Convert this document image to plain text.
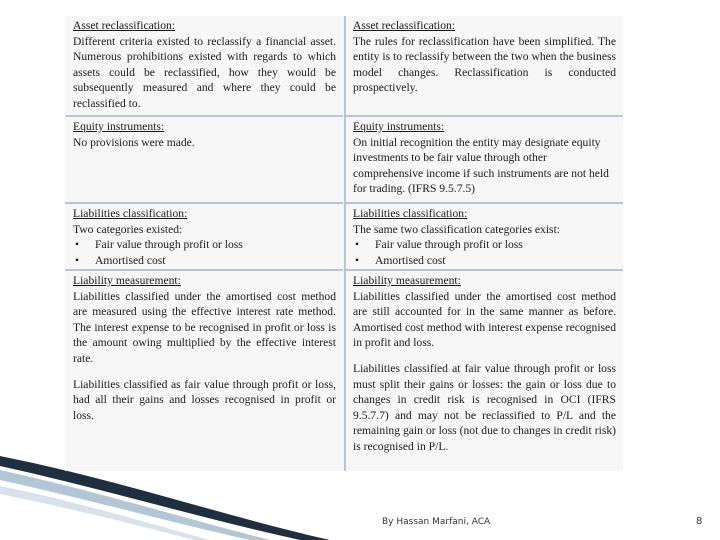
Asset reclassification:
Different criteria existed to reclassify a financial asset. Numerous prohibitions existed with regards to which assets could be reclassified, how they would be subsequently measured and where they could be reclassified to.
Asset reclassification:
The rules for reclassification have been simplified. The entity is to reclassify between the two when the business model changes. Reclassification is conducted prospectively.
Equity instruments:
No provisions were made.
Equity instruments:
On initial recognition the entity may designate equity investments to be fair value through other comprehensive income if such instruments are not held for trading. (IFRS 9.5.7.5)
Liabilities classification:
Two categories existed:
• Fair value through profit or loss
• Amortised cost
Liabilities classification:
The same two classification categories exist:
• Fair value through profit or loss
• Amortised cost
Liability measurement:
Liabilities classified under the amortised cost method are measured using the effective interest rate method. The interest expense to be recognised in profit or loss is the amount owing multiplied by the effective interest rate.
Liabilities classified as fair value through profit or loss, had all their gains and losses recognised in profit or loss.
Liability measurement:
Liabilities classified under the amortised cost method are still accounted for in the same manner as before. Amortised cost method with interest expense recognised in profit and loss.
Liabilities classified at fair value through profit or loss must split their gains or losses: the gain or loss due to changes in credit risk is recognised in OCI (IFRS 9.5.7.7) and may not be reclassified to P/L and the remaining gain or loss (not due to changes in credit risk) is recognised in P/L.
By Hassan Marfani, ACA	8
